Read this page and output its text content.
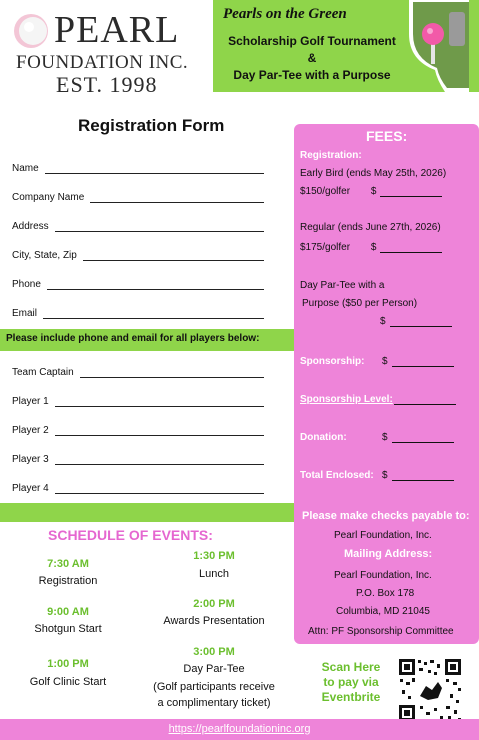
PEARL
FOUNDATION INC.
EST. 1998
Pearls on the Green
Scholarship Golf Tournament
&
Day Par-Tee with a Purpose
Registration Form
Name
Company Name
Address
City, State, Zip
Phone
Email
Please include phone and email for all players below:
Team Captain
Player 1
Player 2
Player 3
Player 4
FEES:
Registration:
Early Bird (ends May 25th, 2026)
$150/golfer $
Regular (ends June 27th, 2026)
$175/golfer $
Day Par-Tee with a
Purpose ($50 per Person)
$
Sponsorship: $
Sponsorship Level:
Donation:	$
Total Enclosed: $
Please make checks payable to:
Pearl Foundation, Inc.
Mailing Address:
Pearl Foundation, Inc.
P.O. Box 178
Columbia, MD 21045
Attn: PF Sponsorship Committee
SCHEDULE OF EVENTS:
7:30 AM
Registration
9:00 AM
Shotgun Start
1:00 PM
Golf Clinic Start
1:30 PM
Lunch
2:00 PM
Awards Presentation
3:00 PM
Day Par-Tee
(Golf participants receive
a complimentary ticket)
Scan Here
to pay via
Eventbrite
https://pearlfoundationinc.org
